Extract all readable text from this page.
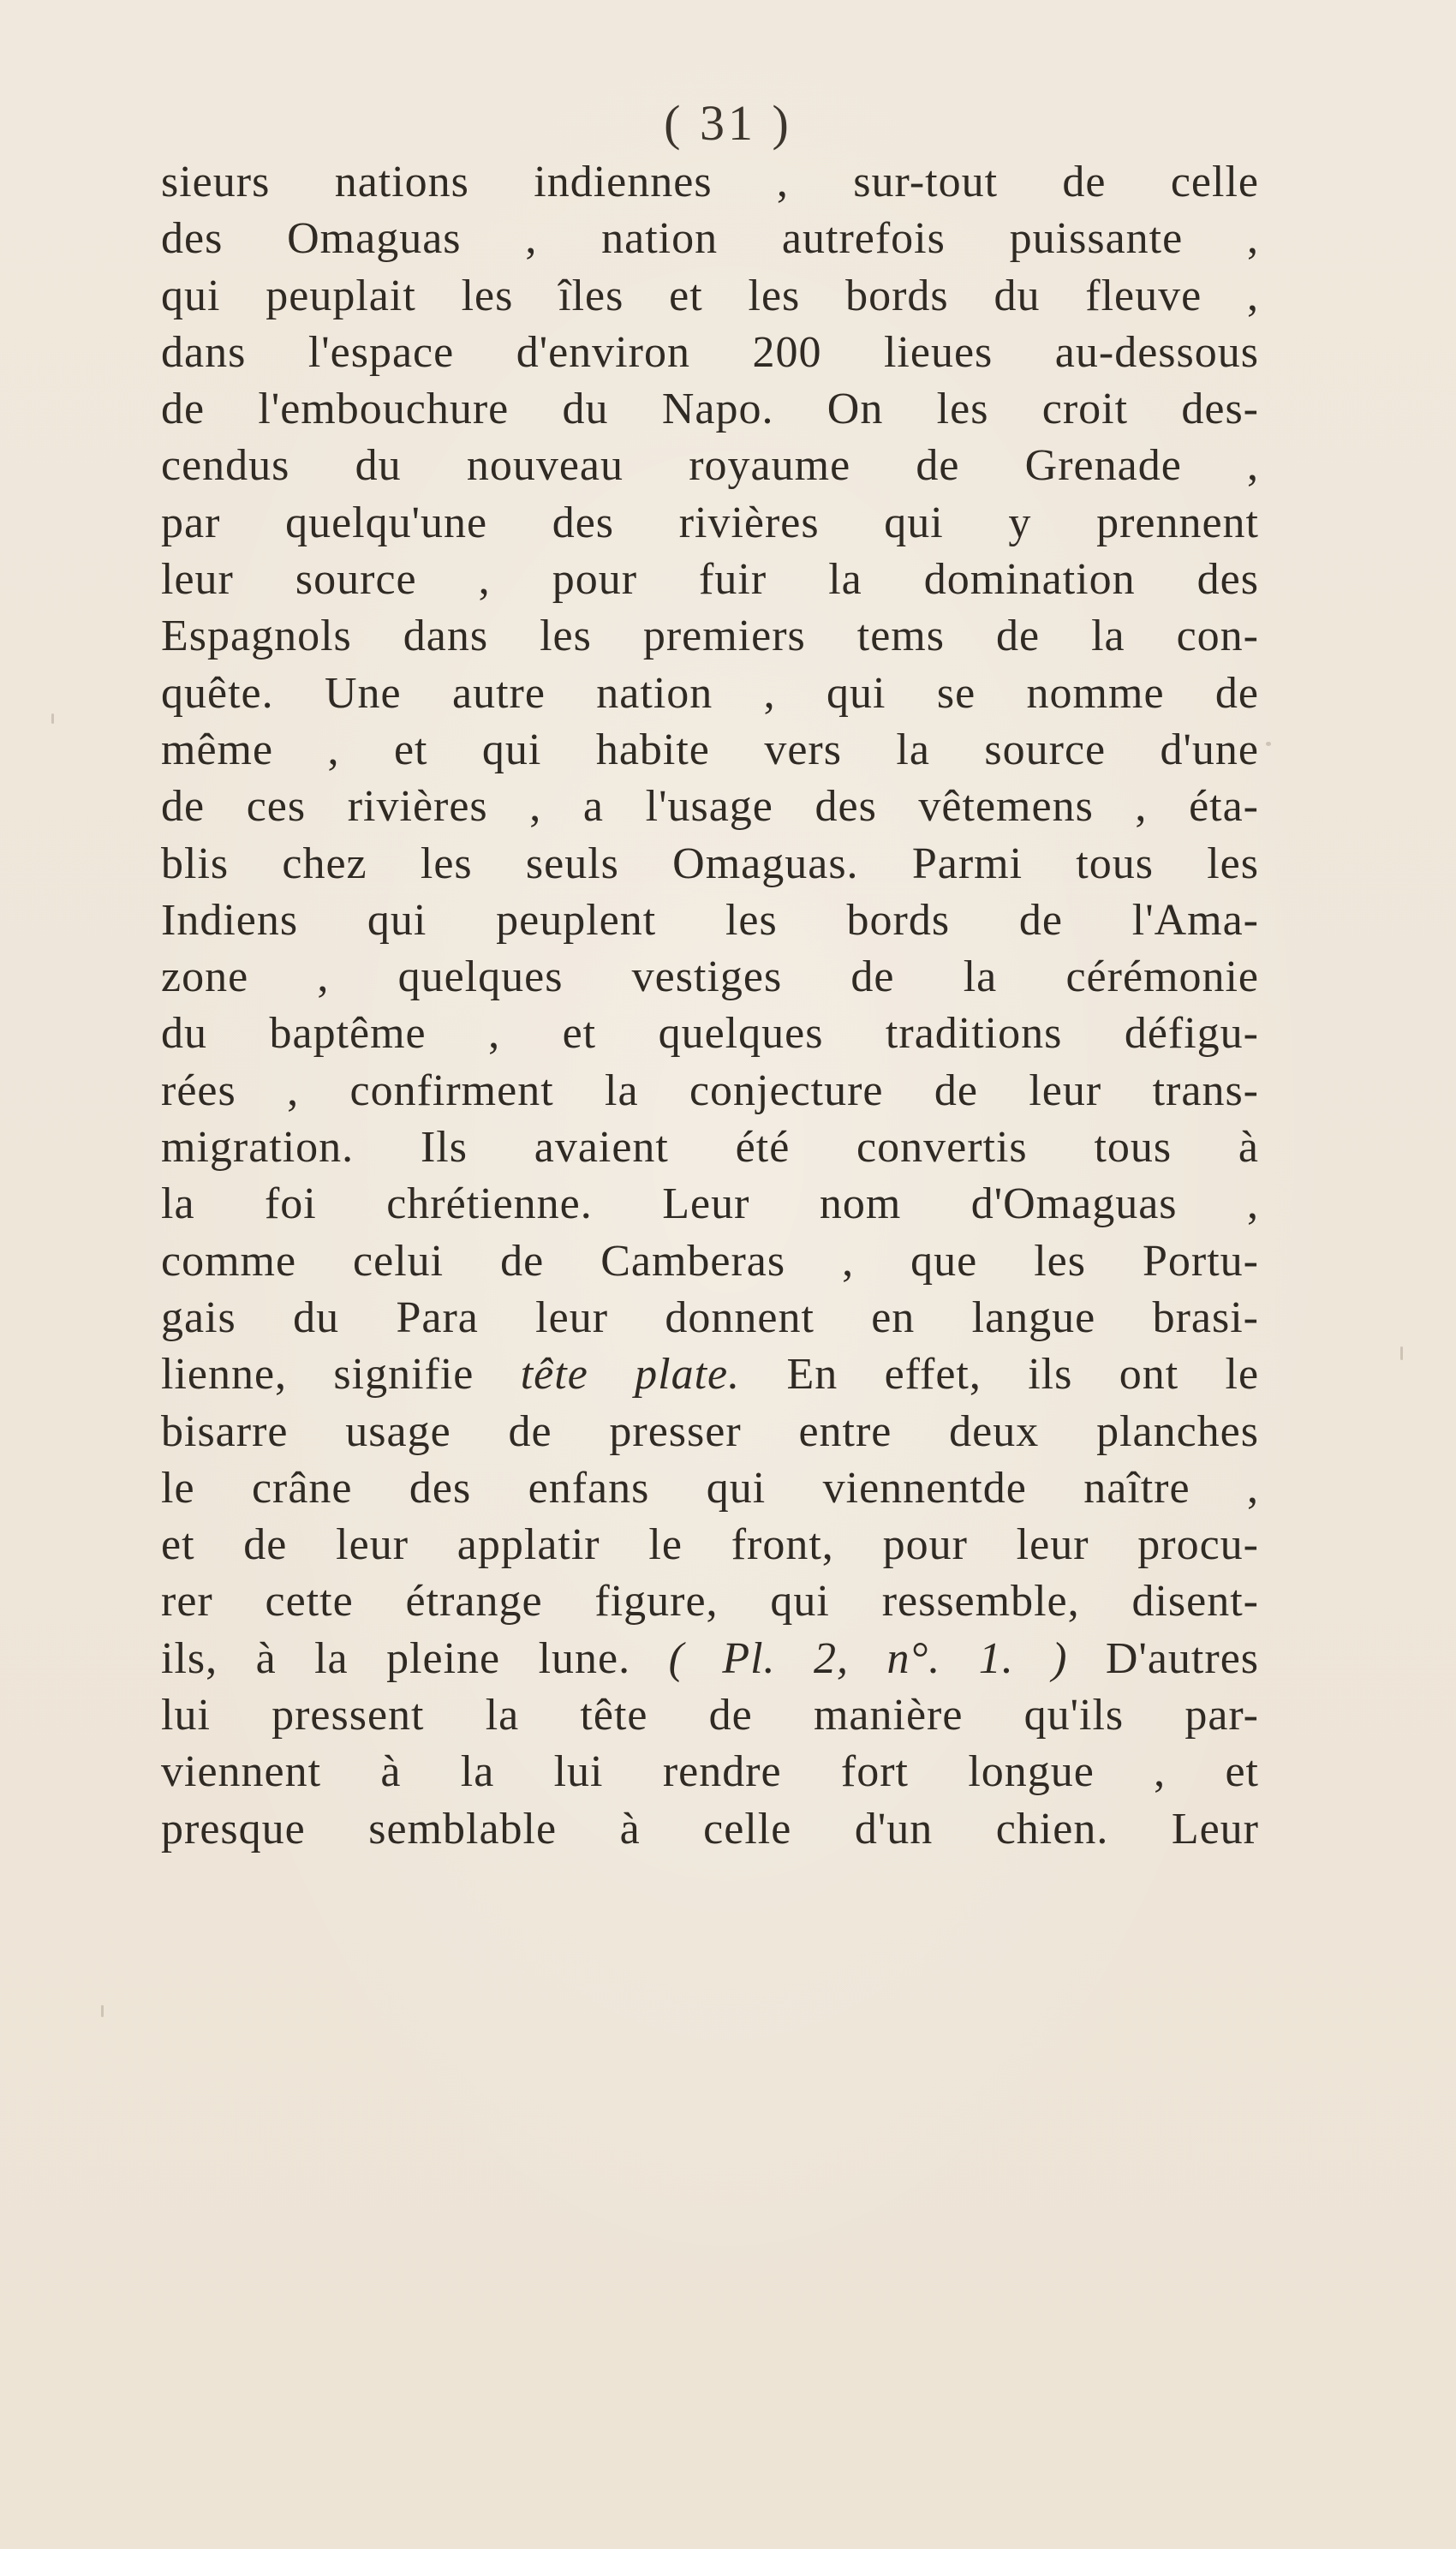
( 31 )
sieurs nations indiennes , sur-tout de celle
des Omaguas , nation autrefois puissante ,
qui peuplait les îles et les bords du fleuve ,
dans l'espace d'environ 200 lieues au-dessous
de l'embouchure du Napo. On les croit des-
cendus du nouveau royaume de Grenade ,
par quelqu'une des rivières qui y prennent
leur source , pour fuir la domination des
Espagnols dans les premiers tems de la con-
quête. Une autre nation , qui se nomme de
même , et qui habite vers la source d'une
de ces rivières , a l'usage des vêtemens , éta-
blis chez les seuls Omaguas. Parmi tous les
Indiens qui peuplent les bords de l'Ama-
zone , quelques vestiges de la cérémonie
du baptême , et quelques traditions défigu-
rées , confirment la conjecture de leur trans-
migration. Ils avaient été convertis tous à
la foi chrétienne. Leur nom d'Omaguas ,
comme celui de Camberas , que les Portu-
gais du Para leur donnent en langue brasi-
lienne, signifie tête plate. En effet, ils ont le
bisarre usage de presser entre deux planches
le crâne des enfans qui viennentde naître ,
et de leur applatir le front, pour leur procu-
rer cette étrange figure, qui ressemble, disent-
ils, à la pleine lune. ( Pl. 2, n°. 1. ) D'autres
lui pressent la tête de manière qu'ils par-
viennent à la lui rendre fort longue , et
presque semblable à celle d'un chien. Leur
